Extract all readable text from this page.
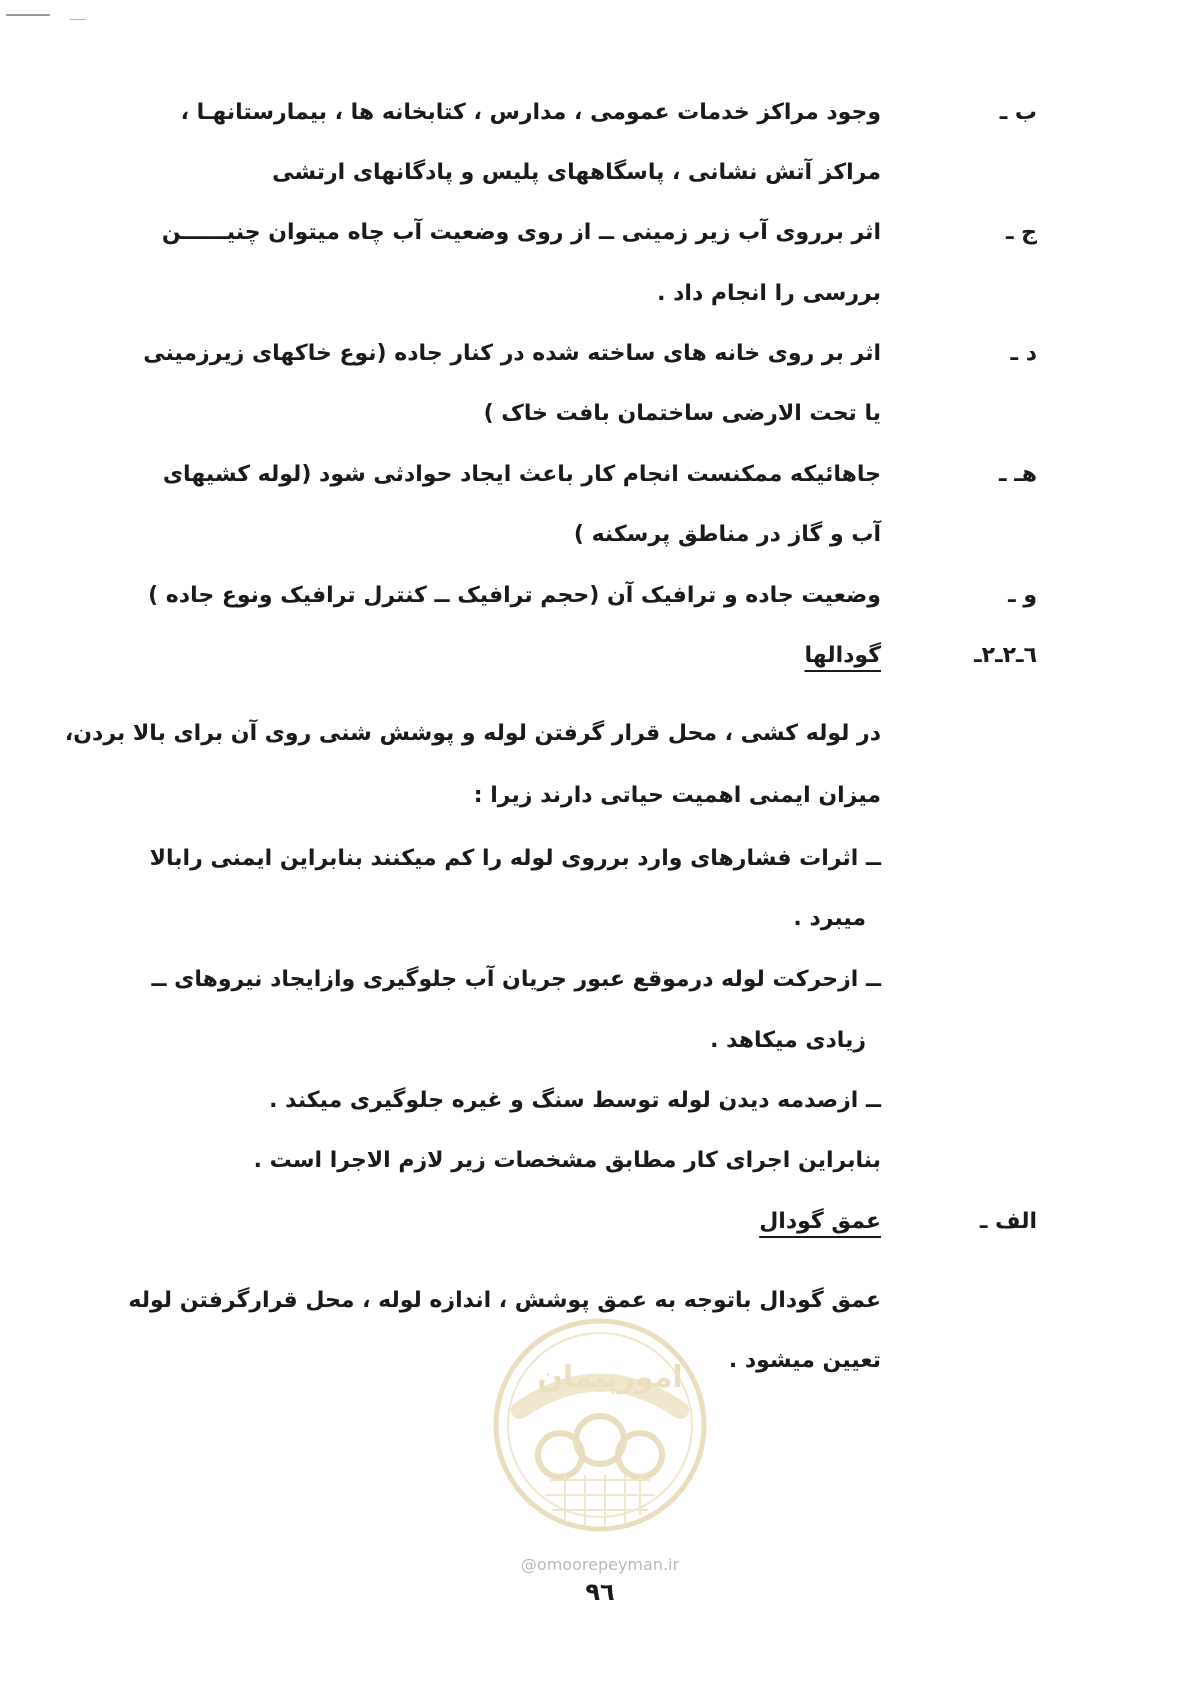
ب ـ
وجود مراکز خدمات عمومی ، مدارس ، کتابخانه ها ، بیمارستانهـا ،
مراکز آتش نشانی ، پاسگاههای پلیس و پادگانهای ارتشی
ج ـ
اثر برروی آب زیر زمینی ــ از روی وضعیت آب چاه میتوان چنیــــــن
بررسی را انجام داد .
د ـ
اثر بر روی خانه های ساخته شده در کنار جاده (نوع خاکهای زیرزمینی
یا تحت الارضی ساختمان بافت خاک )
هـ ـ
جاهائیکه ممکنست انجام کار باعث ایجاد حوادثی شود (لوله کشیهای
آب و گاز در مناطق پرسکنه )
و ـ
وضعیت جاده و ترافیک آن (حجم ترافیک ــ کنترل ترافیک ونوع جاده )
٦ـ٢ـ٢ـ
گودالها
در لوله کشی ، محل قرار گرفتن لوله و پوشش شنی روی آن برای بالا بردن،
میزان ایمنی اهمیت حیاتی دارند زیرا :
ــ اثرات فشارهای وارد برروی لوله را کم میکنند بنابراین ایمنی رابالا
میبرد .
ــ ازحرکت لوله درموقع عبور جریان آب جلوگیری وازایجاد نیروهای ــ
زیادی میکاهد .
ــ ازصدمه دیدن لوله توسط سنگ و غیره جلوگیری میکند .
بنابراین اجرای کار مطابق مشخصات زیر لازم الاجرا است .
الف ـ
عمق گودال
عمق گودال باتوجه به عمق پوشش ، اندازه لوله ، محل قرارگرفتن لوله
تعیین میشود .
امورپیمان
@omoorepeyman.ir
۹٦
